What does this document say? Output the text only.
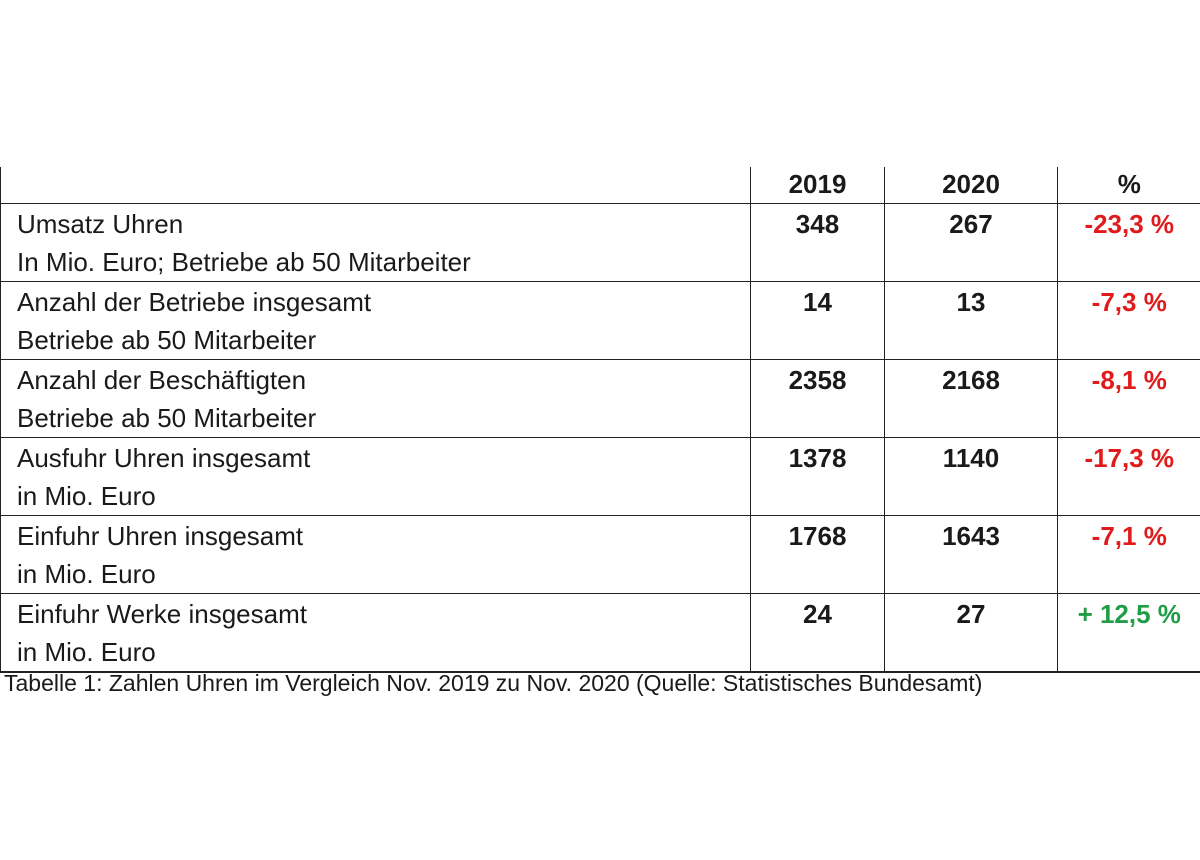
	2019	2020	%

Umsatz Uhren
In Mio. Euro; Betriebe ab 50 Mitarbeiter	348	267	-23,3 %

Anzahl der Betriebe insgesamt
Betriebe ab 50 Mitarbeiter	14	13	-7,3 %

Anzahl der Beschäftigten
Betriebe ab 50 Mitarbeiter	2358	2168	-8,1 %

Ausfuhr Uhren insgesamt
in Mio. Euro	1378	1140	-17,3 %

Einfuhr Uhren insgesamt
in Mio. Euro	1768	1643	-7,1 %

Einfuhr Werke insgesamt
in Mio. Euro	24	27	+ 12,5 %
Tabelle 1: Zahlen Uhren im Vergleich Nov. 2019 zu Nov. 2020 (Quelle: Statistisches Bundesamt)
